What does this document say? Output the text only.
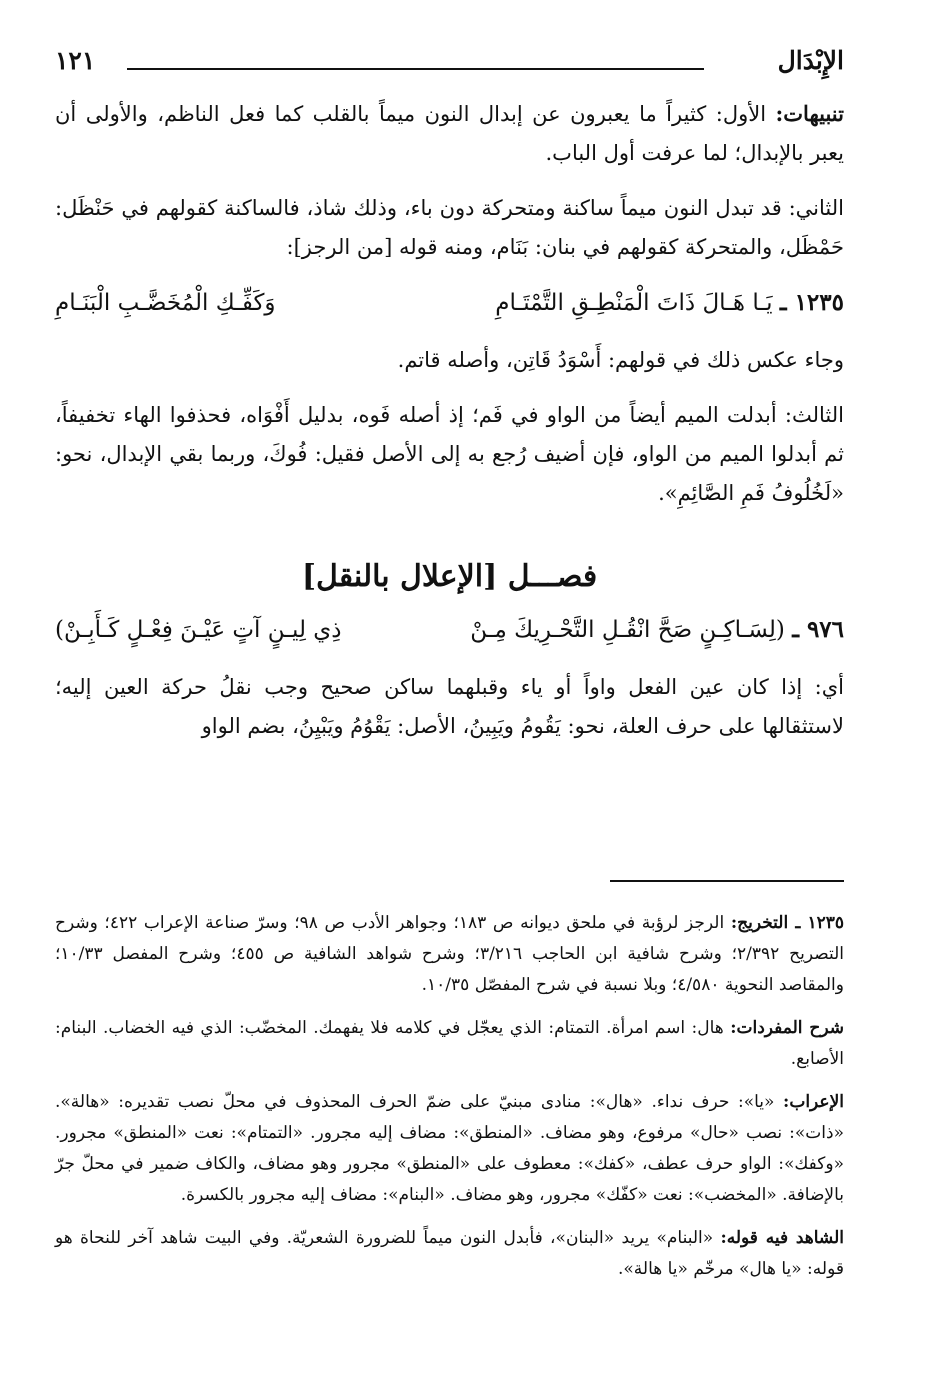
الإِبْدَال
١٢١

تنبيهات: الأول: كثيراً ما يعبرون عن إبدال النون ميماً بالقلب كما فعل الناظم، والأولى أن يعبر بالإبدال؛ لما عرفت أول الباب.

الثاني: قد تبدل النون ميماً ساكنة ومتحركة دون باء، وذلك شاذ، فالساكنة كقولهم في حَنْظَل: حَمْظَل، والمتحركة كقولهم في بنان: بَنَام، ومنه قوله [من الرجز]:

١٢٣٥ ـ يَـا هَـالَ ذَاتَ الْمَنْطِـقِ التَّمْتَـامِ
وَكَفِّـكِ الْمُخَضَّـبِ الْبَنَـامِ

وجاء عكس ذلك في قولهم: أَسْوَدُ قَاتِن، وأصله قاتم.

الثالث: أبدلت الميم أيضاً من الواو في فَم؛ إذ أصله فَوه، بدليل أَفْوَاه، فحذفوا الهاء تخفيفاً، ثم أبدلوا الميم من الواو، فإن أضيف رُجع به إلى الأصل فقيل: فُوكَ، وربما بقي الإبدال، نحو: «لَخُلُوفُ فَمِ الصَّائِمِ».

فصـــل [الإعلال بالنقل]
٩٧٦ ـ (لِسَـاكِـنٍ صَحَّ انْقُـلِ التَّحْـرِيكَ مِـنْ
ذِي لِيـنٍ آتٍ عَيْـنَ فِعْـلٍ كَـأَبِـنْ)

أي: إذا كان عين الفعل واواً أو ياء وقبلهما ساكن صحيح وجب نقلُ حركة العين إليه؛ لاستثقالها على حرف العلة، نحو: يَقُومُ ويَبِينُ، الأصل: يَقْوُمُ ويَبْيِنُ، بضم الواو

١٢٣٥ ـ التخريج: الرجز لرؤبة في ملحق ديوانه ص ١٨٣؛ وجواهر الأدب ص ٩٨؛ وسرّ صناعة الإعراب ٤٢٢؛ وشرح التصريح ٢/٣٩٢؛ وشرح شافية ابن الحاجب ٣/٢١٦؛ وشرح شواهد الشافية ص ٤٥٥؛ وشرح المفصل ١٠/٣٣؛ والمقاصد النحوية ٤/٥٨٠؛ وبلا نسبة في شرح المفصّل ١٠/٣٥.

شرح المفردات: هال: اسم امرأة. التمتام: الذي يعجّل في كلامه فلا يفهمك. المخضّب: الذي فيه الخضاب. البنام: الأصابع.

الإعراب: «يا»: حرف نداء. «هال»: منادى مبنيّ على ضمّ الحرف المحذوف في محلّ نصب تقديره: «هالة». «ذات»: نصب «حال» مرفوع، وهو مضاف. «المنطق»: مضاف إليه مجرور. «التمتام»: نعت «المنطق» مجرور. «وكفك»: الواو حرف عطف، «كفك»: معطوف على «المنطق» مجرور وهو مضاف، والكاف ضمير في محلّ جرّ بالإضافة. «المخضب»: نعت «كفّك» مجرور، وهو مضاف. «البنام»: مضاف إليه مجرور بالكسرة.

الشاهد فيه قوله: «البنام» يريد «البنان»، فأبدل النون ميماً للضرورة الشعريّة. وفي البيت شاهد آخر للنحاة هو قوله: «يا هال» مرخّم «يا هالة».
